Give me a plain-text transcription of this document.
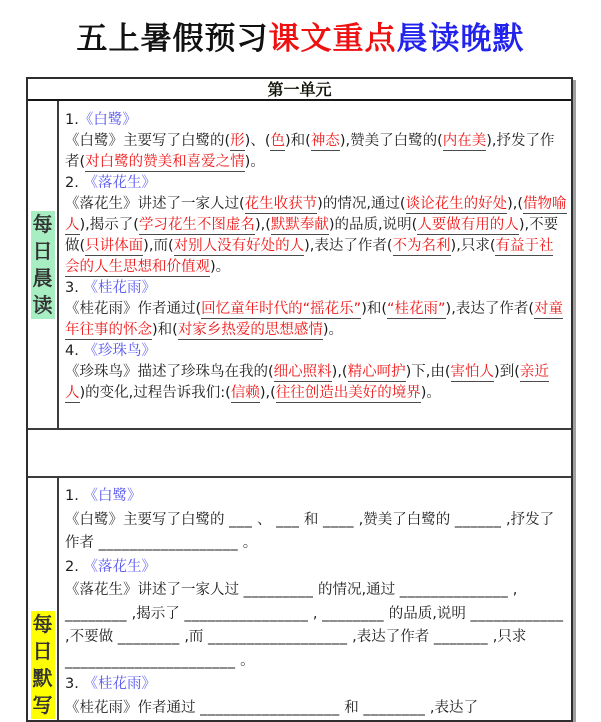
五上暑假预习课文重点晨读晚默
第一单元
每
日
晨
读
1.《白鹭》
《白鹭》主要写了白鹭的(形)、(色)和(神态),赞美了白鹭的(内在美),抒发了作者(对白鹭的赞美和喜爱之情)。
2. 《落花生》
《落花生》讲述了一家人过(花生收获节)的情况,通过(谈论花生的好处),(借物喻人),揭示了(学习花生不图虚名),(默默奉献)的品质,说明(人要做有用的人),不要做(只讲体面),而(对别人没有好处的人),表达了作者(不为名利),只求(有益于社会的人生思想和价值观)。
3. 《桂花雨》
《桂花雨》作者通过(回忆童年时代的“摇花乐”)和(“桂花雨”),表达了作者(对童年往事的怀念)和(对家乡热爱的思想感情)。
4. 《珍珠鸟》
《珍珠鸟》描述了珍珠鸟在我的(细心照料),(精心呵护)下,由(害怕人)到(亲近人)的变化,过程告诉我们:(信赖),(往往创造出美好的境界)。
每
日
默
写
1. 《白鹭》
《白鹭》主要写了白鹭的 ___ 、 ___ 和 ____ ,赞美了白鹭的 ______ ,抒发了作者 __________________ 。
2. 《落花生》
《落花生》讲述了一家人过 _________ 的情况,通过 ______________ , ________ ,揭示了 ________________ , ________ 的品质,说明 ____________ ,不要做 ________ ,而 __________________ ,表达了作者 _______ ,只求 ______________________ 。
3. 《桂花雨》
《桂花雨》作者通过 __________________ 和 ________ ,表达了
